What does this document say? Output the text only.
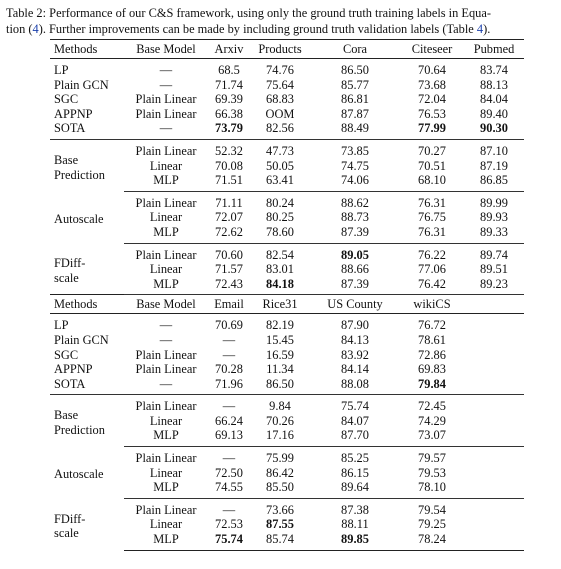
Table 2: Performance of our C&S framework, using only the ground truth training labels in Equa-
tion (4). Further improvements can be made by including ground truth validation labels (Table 4).

Methods	Base Model	Arxiv	Products	Cora	Citeseer	Pubmed
LP	—	68.5	74.76	86.50	70.64	83.74
Plain GCN	—	71.74	75.64	85.77	73.68	88.13
SGC	Plain Linear	69.39	68.83	86.81	72.04	84.04
APPNP	Plain Linear	66.38	OOM	87.87	76.53	89.40
SOTA	—	73.79	82.56	88.49	77.99	90.30
Base
Prediction	Plain Linear	52.32	47.73	73.85	70.27	87.10
	Linear	70.08	50.05	74.75	70.51	87.19
	MLP	71.51	63.41	74.06	68.10	86.85
Autoscale	Plain Linear	71.11	80.24	88.62	76.31	89.99
	Linear	72.07	80.25	88.73	76.75	89.93
	MLP	72.62	78.60	87.39	76.31	89.33
FDiff-
scale	Plain Linear	70.60	82.54	89.05	76.22	89.74
	Linear	71.57	83.01	88.66	77.06	89.51
	MLP	72.43	84.18	87.39	76.42	89.23
Methods	Base Model	Email	Rice31	US County	wikiCS	
LP	—	70.69	82.19	87.90	76.72	
Plain GCN	—	—	15.45	84.13	78.61	
SGC	Plain Linear	—	16.59	83.92	72.86	
APPNP	Plain Linear	70.28	11.34	84.14	69.83	
SOTA	—	71.96	86.50	88.08	79.84	
Base
Prediction	Plain Linear	—	9.84	75.74	72.45	
	Linear	66.24	70.26	84.07	74.29	
	MLP	69.13	17.16	87.70	73.07	
Autoscale	Plain Linear	—	75.99	85.25	79.57	
	Linear	72.50	86.42	86.15	79.53	
	MLP	74.55	85.50	89.64	78.10	
FDiff-
scale	Plain Linear	—	73.66	87.38	79.54	
	Linear	72.53	87.55	88.11	79.25	
	MLP	75.74	85.74	89.85	78.24	
